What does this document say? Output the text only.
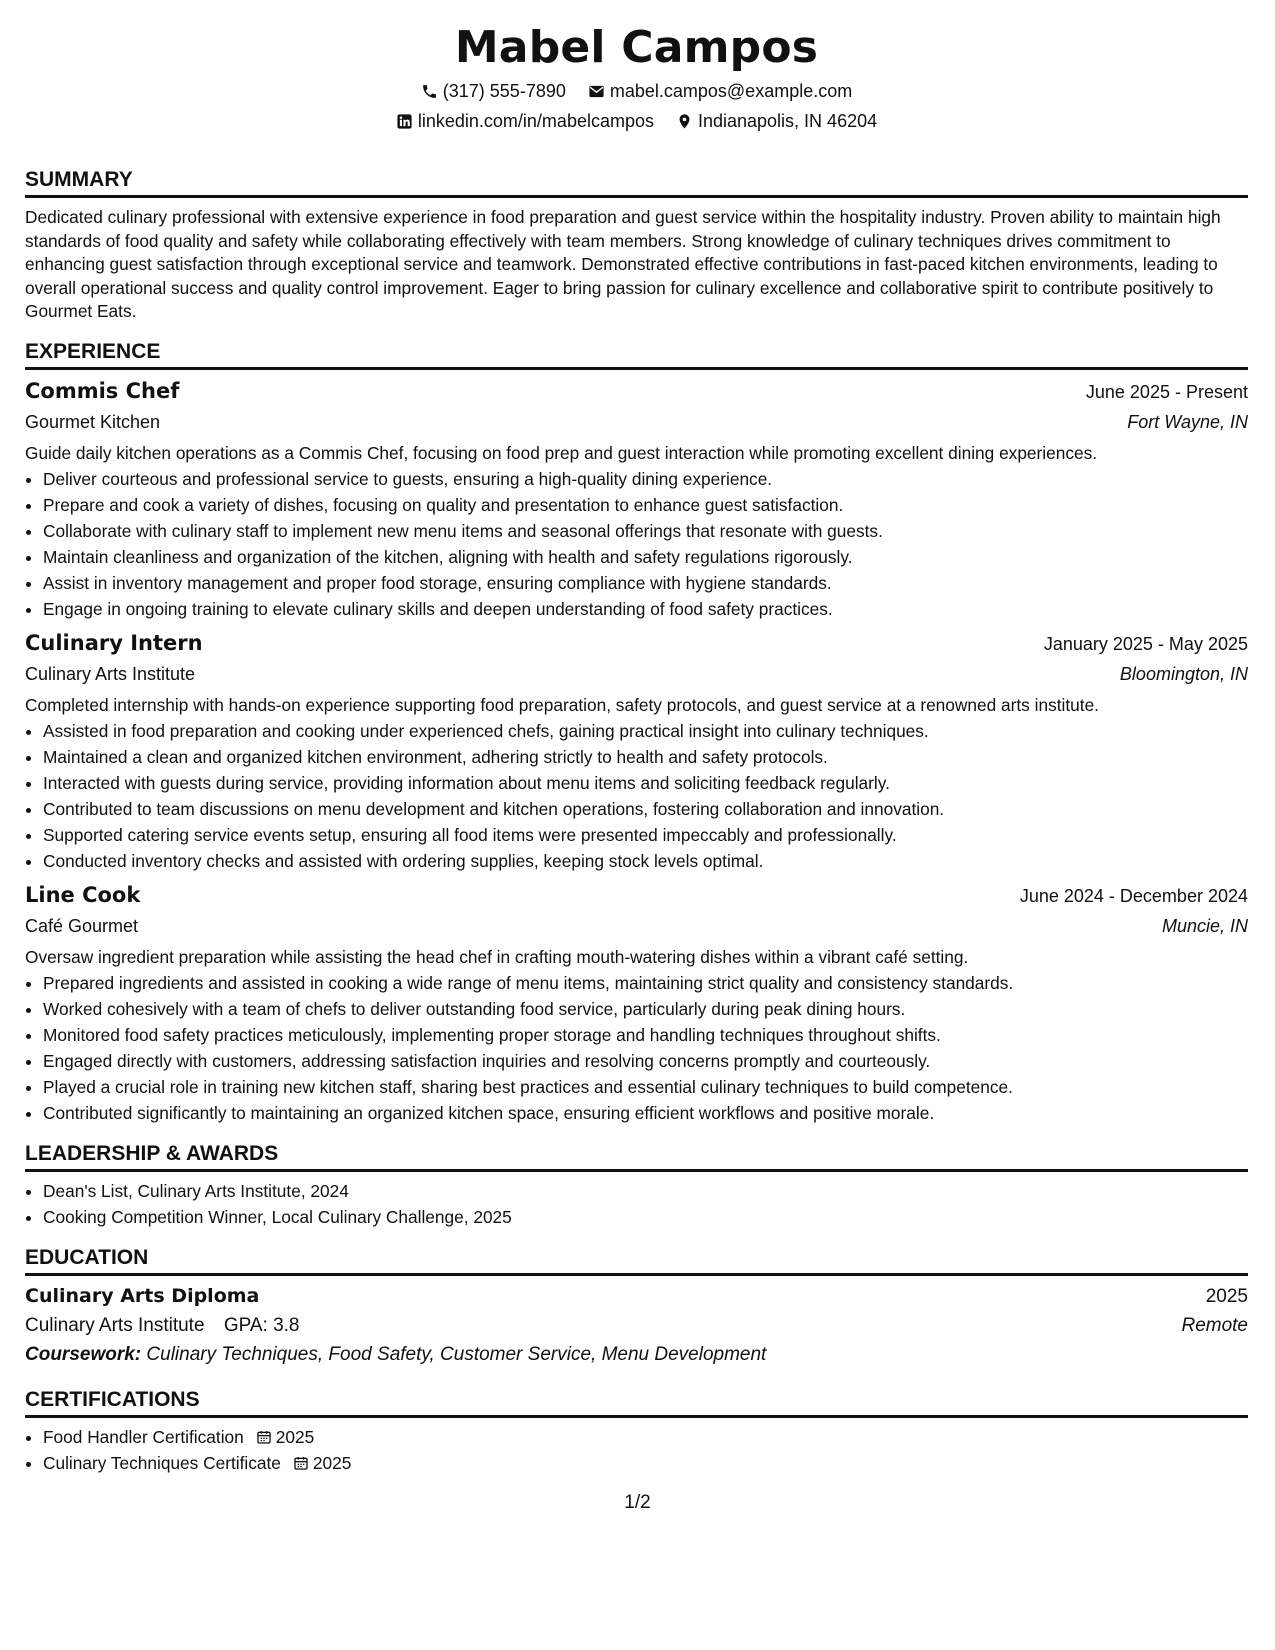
Mabel Campos
(317) 555-7890 mabel.campos@example.com
linkedin.com/in/mabelcampos Indianapolis, IN 46204
SUMMARY

Dedicated culinary professional with extensive experience in food preparation and guest service within the hospitality industry. Proven ability to maintain high standards of food quality and safety while collaborating effectively with team members. Strong knowledge of culinary techniques drives commitment to enhancing guest satisfaction through exceptional service and teamwork. Demonstrated effective contributions in fast-paced kitchen environments, leading to overall operational success and quality control improvement. Eager to bring passion for culinary excellence and collaborative spirit to contribute positively to Gourmet Eats.

EXPERIENCE
Commis Chef	June 2025 - Present
Gourmet Kitchen	Fort Wayne, IN

Guide daily kitchen operations as a Commis Chef, focusing on food prep and guest interaction while promoting excellent dining experiences.

• Deliver courteous and professional service to guests, ensuring a high-quality dining experience.
• Prepare and cook a variety of dishes, focusing on quality and presentation to enhance guest satisfaction.
• Collaborate with culinary staff to implement new menu items and seasonal offerings that resonate with guests.
• Maintain cleanliness and organization of the kitchen, aligning with health and safety regulations rigorously.
• Assist in inventory management and proper food storage, ensuring compliance with hygiene standards.
• Engage in ongoing training to elevate culinary skills and deepen understanding of food safety practices.
Culinary Intern	January 2025 - May 2025
Culinary Arts Institute	Bloomington, IN

Completed internship with hands-on experience supporting food preparation, safety protocols, and guest service at a renowned arts institute.

• Assisted in food preparation and cooking under experienced chefs, gaining practical insight into culinary techniques.
• Maintained a clean and organized kitchen environment, adhering strictly to health and safety protocols.
• Interacted with guests during service, providing information about menu items and soliciting feedback regularly.
• Contributed to team discussions on menu development and kitchen operations, fostering collaboration and innovation.
• Supported catering service events setup, ensuring all food items were presented impeccably and professionally.
• Conducted inventory checks and assisted with ordering supplies, keeping stock levels optimal.
Line Cook	June 2024 - December 2024
Café Gourmet	Muncie, IN

Oversaw ingredient preparation while assisting the head chef in crafting mouth-watering dishes within a vibrant café setting.

• Prepared ingredients and assisted in cooking a wide range of menu items, maintaining strict quality and consistency standards.
• Worked cohesively with a team of chefs to deliver outstanding food service, particularly during peak dining hours.
• Monitored food safety practices meticulously, implementing proper storage and handling techniques throughout shifts.
• Engaged directly with customers, addressing satisfaction inquiries and resolving concerns promptly and courteously.
• Played a crucial role in training new kitchen staff, sharing best practices and essential culinary techniques to build competence.
• Contributed significantly to maintaining an organized kitchen space, ensuring efficient workflows and positive morale.
LEADERSHIP & AWARDS
• Dean's List, Culinary Arts Institute, 2024
• Cooking Competition Winner, Local Culinary Challenge, 2025
EDUCATION
Culinary Arts Diploma	2025
Culinary Arts Institute GPA: 3.8	Remote
Coursework: Culinary Techniques, Food Safety, Customer Service, Menu Development
CERTIFICATIONS
• Food Handler Certification 2025
• Culinary Techniques Certificate 2025
1/2
